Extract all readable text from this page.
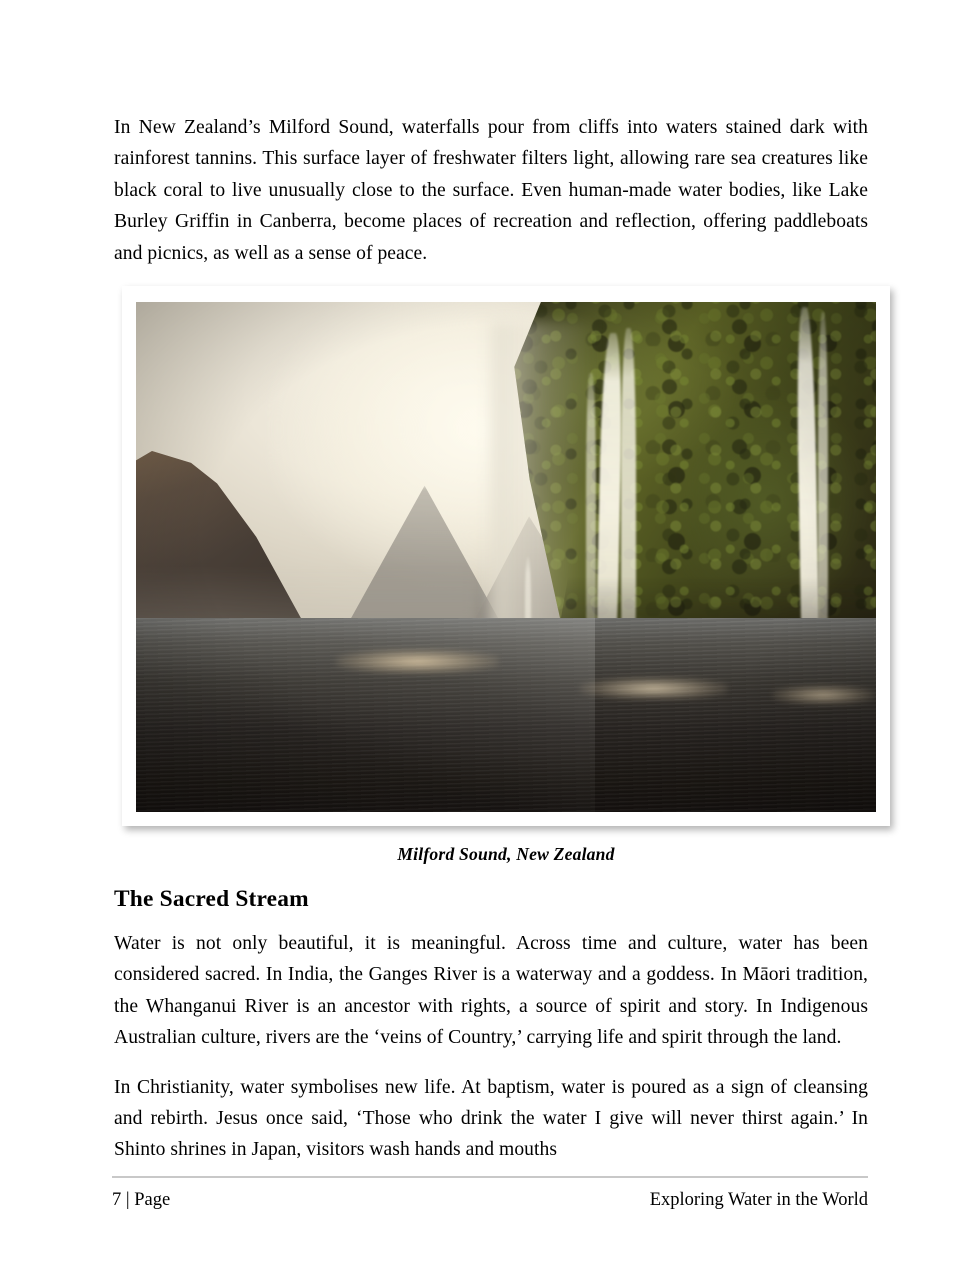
In New Zealand’s Milford Sound, waterfalls pour from cliffs into waters stained dark with rainforest tannins. This surface layer of freshwater filters light, allowing rare sea creatures like black coral to live unusually close to the surface. Even human-made water bodies, like Lake Burley Griffin in Canberra, become places of recreation and reflection, offering paddleboats and picnics, as well as a sense of peace.

Milford Sound, New Zealand
The Sacred Stream

Water is not only beautiful, it is meaningful. Across time and culture, water has been considered sacred. In India, the Ganges River is a waterway and a goddess. In Māori tradition, the Whanganui River is an ancestor with rights, a source of spirit and story. In Indigenous Australian culture, rivers are the ‘veins of Country,’ carrying life and spirit through the land.

In Christianity, water symbolises new life. At baptism, water is poured as a sign of cleansing and rebirth. Jesus once said, ‘Those who drink the water I give will never thirst again.’ In Shinto shrines in Japan, visitors wash hands and mouths

7 | Page	Exploring Water in the World
